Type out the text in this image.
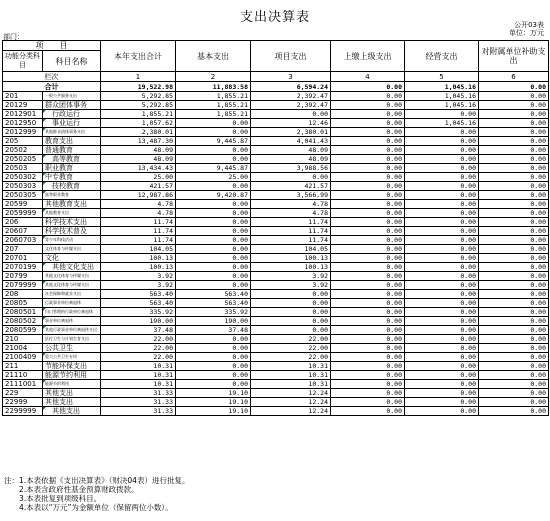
支出决算表	公开03表
单位：万元
部门：
项　　目		本年支出合计	基本支出	项目支出	上缴上级支出	经营支出	对附属单位补助支出
功能分类科目	科目名称						
栏次		1	2	3	4	5	6
合计		19,522.98	11,883.58	6,594.24	0.00	1,045.16	0.00
201	一般公共服务支出	5,292.85	1,855.21	2,392.47	0.00	1,045.16	0.00
20129	群众团体事务	5,292.85	1,855.21	2,392.47	0.00	1,045.16	0.00
2012901	　行政运行	1,855.21	1,855.21	0.00	0.00	0.00	0.00
2012950	　事业运行	1,057.62	0.00	12.46	0.00	1,045.16	0.00
2012999	其他群众团体事务支出	2,380.01	0.00	2,380.01	0.00	0.00	0.00
205	教育支出	13,487.30	9,445.87	4,041.43	0.00	0.00	0.00
20502	普通教育	48.09	0.00	48.09	0.00	0.00	0.00
2050205	　高等教育	48.09	0.00	48.09	0.00	0.00	0.00
20503	职业教育	13,434.43	9,445.87	3,988.56	0.00	0.00	0.00
2050302	中专教育	25.00	25.00	0.00	0.00	0.00	0.00
2050303	　技校教育	421.57	0.00	421.57	0.00	0.00	0.00
2050305	高等职业教育	12,987.86	9,420.87	3,566.99	0.00	0.00	0.00
20599	其他教育支出	4.78	0.00	4.78	0.00	0.00	0.00
2059999	其他教育支出	4.78	0.00	4.78	0.00	0.00	0.00
206	科学技术支出	11.74	0.00	11.74	0.00	0.00	0.00
20607	科学技术普及	11.74	0.00	11.74	0.00	0.00	0.00
2060703	青少年科技活动	11.74	0.00	11.74	0.00	0.00	0.00
207	文化体育与传媒支出	104.05	0.00	104.05	0.00	0.00	0.00
20701	文化	100.13	0.00	100.13	0.00	0.00	0.00
2070199	　其他文化支出	100.13	0.00	100.13	0.00	0.00	0.00
20799	其他文化体育与传媒支出	3.92	0.00	3.92	0.00	0.00	0.00
2079999	其他文化体育与传媒支出	3.92	0.00	3.92	0.00	0.00	0.00
208	社会保障和就业支出	563.40	563.40	0.00	0.00	0.00	0.00
20805	行政事业单位离退休	563.40	563.40	0.00	0.00	0.00	0.00
2080501	归口管理的行政单位离退休	335.92	335.92	0.00	0.00	0.00	0.00
2080502	事业单位离退休	190.00	190.00	0.00	0.00	0.00	0.00
2080599	其他行政事业单位离退休支出	37.48	37.48	0.00	0.00	0.00	0.00
210	医疗卫生与计划生育支出	22.00	0.00	22.00	0.00	0.00	0.00
21004	公共卫生	22.00	0.00	22.00	0.00	0.00	0.00
2100409	重大公共卫生专项	22.00	0.00	22.00	0.00	0.00	0.00
211	节能环保支出	10.31	0.00	10.31	0.00	0.00	0.00
21110	能源节约利用	10.31	0.00	10.31	0.00	0.00	0.00
2111001	能源节约利用	10.31	0.00	10.31	0.00	0.00	0.00
229	其他支出	31.33	19.10	12.24	0.00	0.00	0.00
22999	其他支出	31.33	19.10	12.24	0.00	0.00	0.00
2299999	　其他支出	31.33	19.10	12.24	0.00	0.00	0.00
注：1.本表依据《支出决算表》（财决04表）进行批复。
　　2.本表含政府性基金预算财政拨款。
　　3.本表批复到项级科目。
　　4.本表以“万元”为金额单位（保留两位小数）。
